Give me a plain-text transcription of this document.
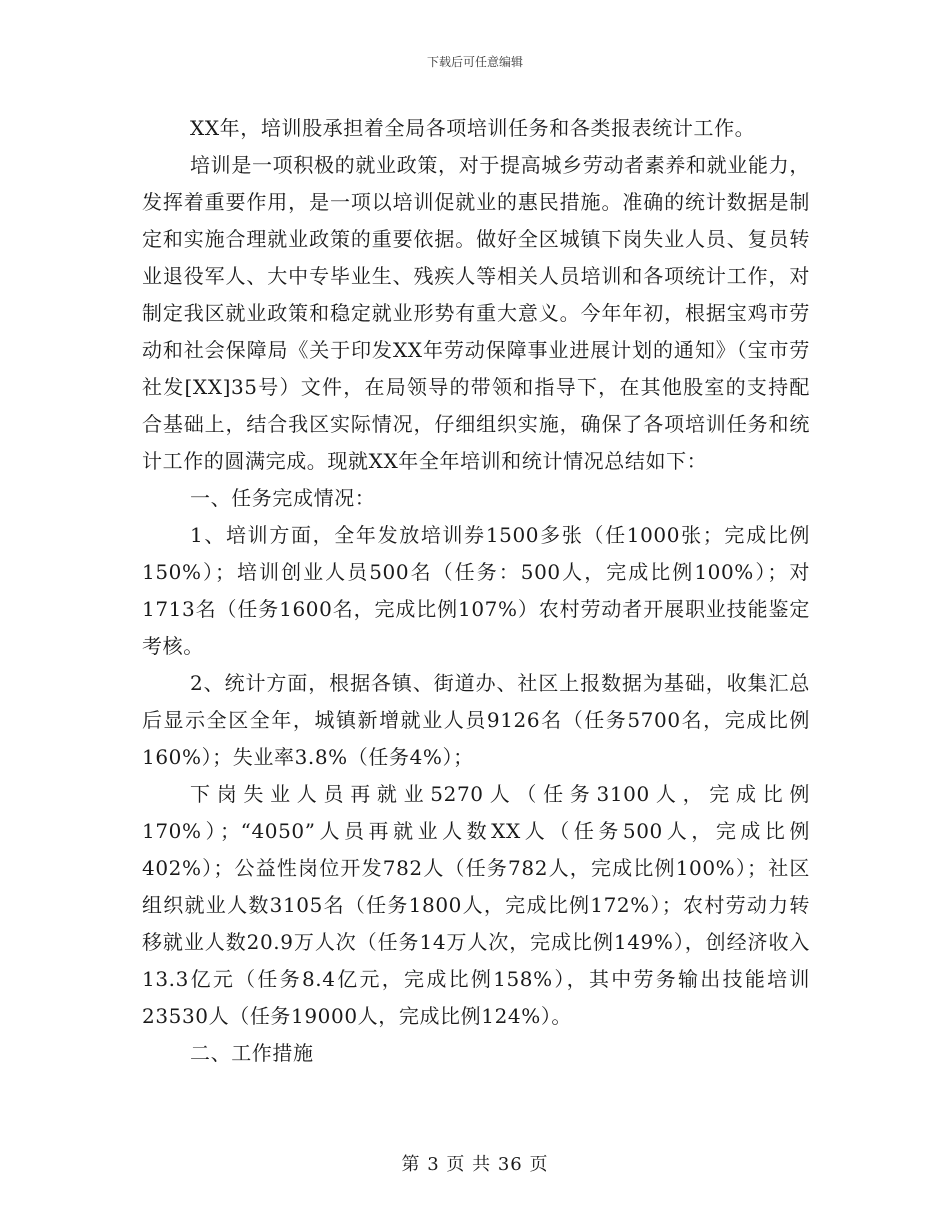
下载后可任意编辑

XX年，培训股承担着全局各项培训任务和各类报表统计工作。

培训是一项积极的就业政策，对于提高城乡劳动者素养和就业能力，发挥着重要作用，是一项以培训促就业的惠民措施。准确的统计数据是制定和实施合理就业政策的重要依据。做好全区城镇下岗失业人员、复员转业退役军人、大中专毕业生、残疾人等相关人员培训和各项统计工作，对制定我区就业政策和稳定就业形势有重大意义。今年年初，根据宝鸡市劳动和社会保障局《关于印发XX年劳动保障事业进展计划的通知》（宝市劳社发[XX]35号）文件，在局领导的带领和指导下，在其他股室的支持配合基础上，结合我区实际情况，仔细组织实施，确保了各项培训任务和统计工作的圆满完成。现就XX年全年培训和统计情况总结如下：

一、任务完成情况：

1、培训方面，全年发放培训券1500多张（任1000张；完成比例150%）；培训创业人员500名（任务：500人，完成比例100%）；对1713名（任务1600名，完成比例107%）农村劳动者开展职业技能鉴定考核。

2、统计方面，根据各镇、街道办、社区上报数据为基础，收集汇总后显示全区全年，城镇新增就业人员9126名（任务5700名，完成比例160%）；失业率3.8%（任务4%）；

下岗失业人员再就业5270人（任务3100人，完成比例170%）；“4050”人员再就业人数XX人（任务500人，完成比例402%）；公益性岗位开发782人（任务782人，完成比例100%）；社区组织就业人数3105名（任务1800人，完成比例172%）；农村劳动力转移就业人数20.9万人次（任务14万人次，完成比例149%），创经济收入13.3亿元（任务8.4亿元，完成比例158%），其中劳务输出技能培训23530人（任务19000人，完成比例124%）。

二、工作措施

第 3 页 共 36 页
